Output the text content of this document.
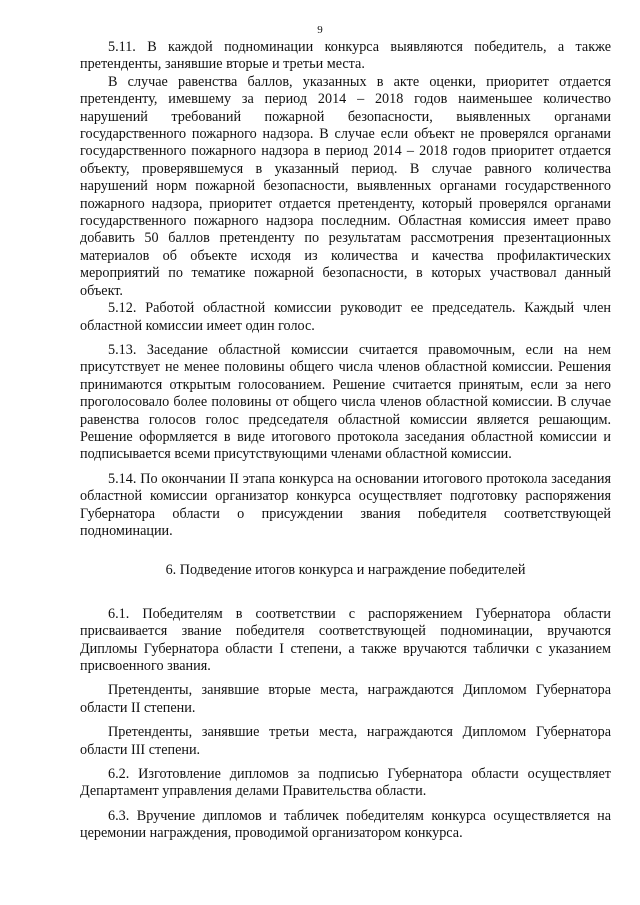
9

5.11. В каждой подноминации конкурса выявляются победитель, а также претенденты, занявшие вторые и третьи места.

В случае равенства баллов, указанных в акте оценки, приоритет отдается претенденту, имевшему за период 2014 – 2018 годов наименьшее количество нарушений требований пожарной безопасности, выявленных органами государственного пожарного надзора. В случае если объект не проверялся органами государственного пожарного надзора в период 2014 – 2018 годов приоритет отдается объекту, проверявшемуся в указанный период. В случае равного количества нарушений норм пожарной безопасности, выявленных органами государственного пожарного надзора, приоритет отдается претенденту, который проверялся органами государственного пожарного надзора последним. Областная комиссия имеет право добавить 50 баллов претенденту по результатам рассмотрения презентационных материалов об объекте исходя из количества и качества профилактических мероприятий по тематике пожарной безопасности, в которых участвовал данный объект.

5.12. Работой областной комиссии руководит ее председатель. Каждый член областной комиссии имеет один голос.

5.13. Заседание областной комиссии считается правомочным, если на нем присутствует не менее половины общего числа членов областной комиссии. Решения принимаются открытым голосованием. Решение считается принятым, если за него проголосовало более половины от общего числа членов областной комиссии. В случае равенства голосов голос председателя областной комиссии является решающим. Решение оформляется в виде итогового протокола заседания областной комиссии и подписывается всеми присутствующими членами областной комиссии.

5.14. По окончании II этапа конкурса на основании итогового протокола заседания областной комиссии организатор конкурса осуществляет подготовку распоряжения Губернатора области о присуждении звания победителя соответствующей подноминации.

6. Подведение итогов конкурса и награждение победителей

6.1. Победителям в соответствии с распоряжением Губернатора области присваивается звание победителя соответствующей подноминации, вручаются Дипломы Губернатора области I степени, а также вручаются таблички с указанием присвоенного звания.

Претенденты, занявшие вторые места, награждаются Дипломом Губернатора области II степени.

Претенденты, занявшие третьи места, награждаются Дипломом Губернатора области III степени.

6.2. Изготовление дипломов за подписью Губернатора области осуществляет Департамент управления делами Правительства области.

6.3. Вручение дипломов и табличек победителям конкурса осуществляется на церемонии награждения, проводимой организатором конкурса.
